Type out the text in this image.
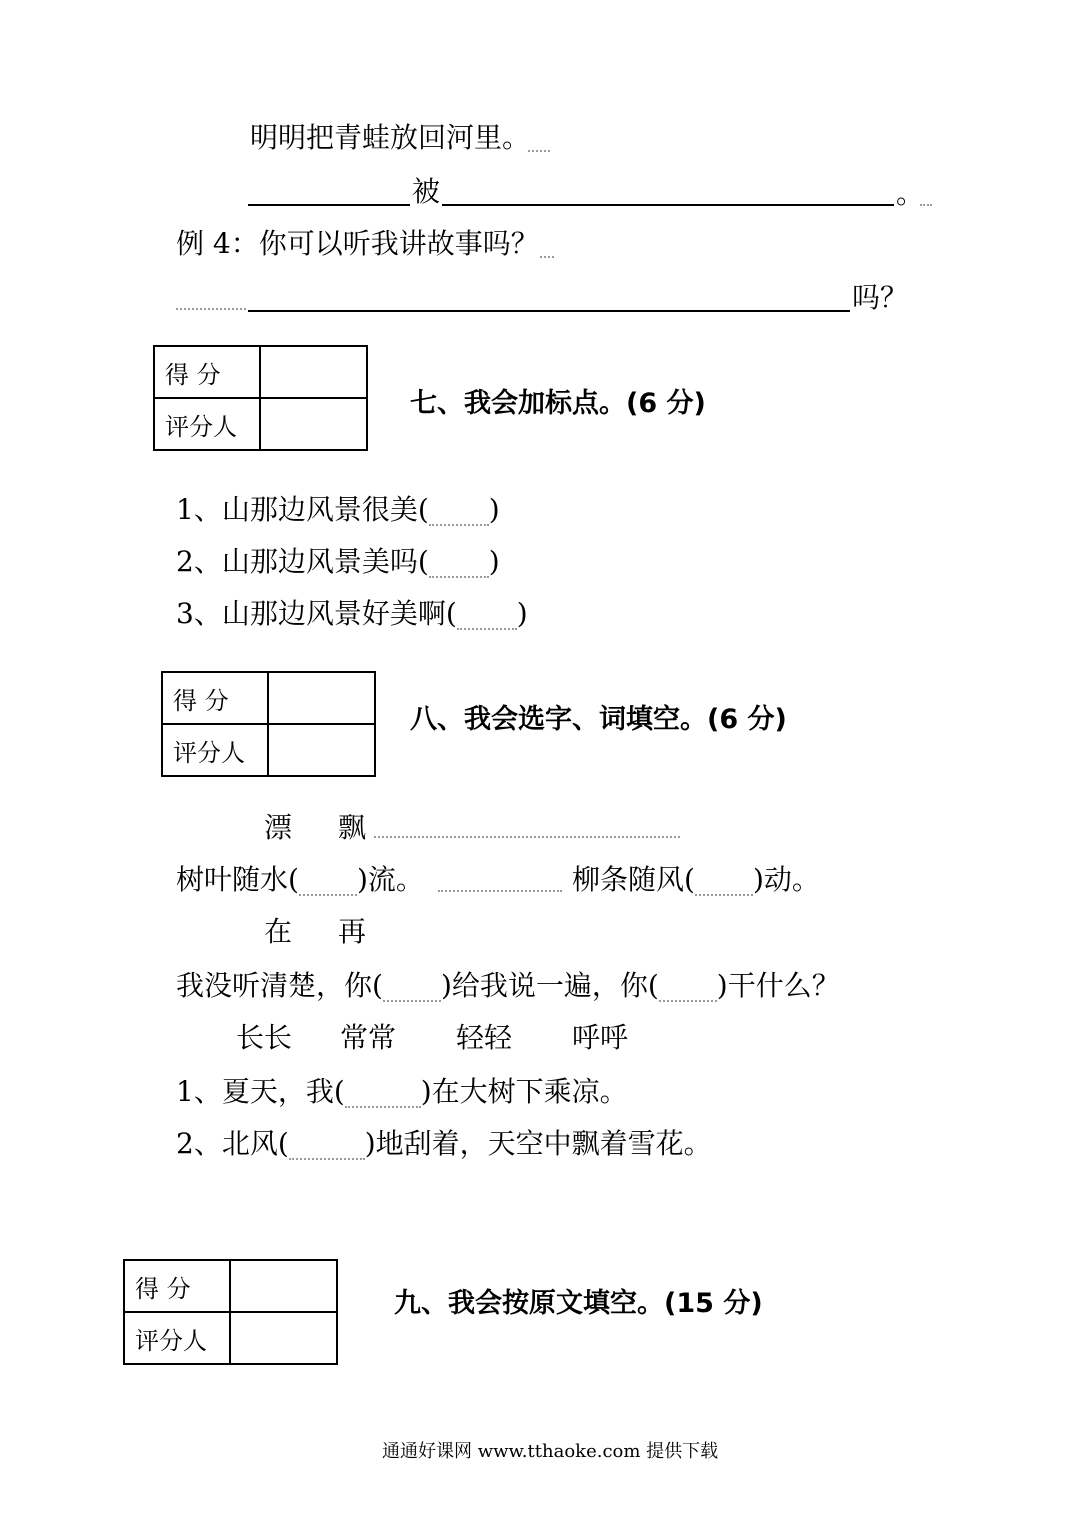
明明把青蛙放回河里。
被	。
例 4：你可以听我讲故事吗？
吗？
得 分	
评分人	
七、我会加标点。(6 分)
1、山那边风景很美( )
2、山那边风景美吗( )
3、山那边风景好美啊( )
得 分	
评分人	
八、我会选字、词填空。(6 分)
漂 飘
树叶随水( )流。	柳条随风( )动。
在 再
我没听清楚，你( )给我说一遍，你( )干什么？
长长 常常 轻轻 呼呼
1、夏天，我(	)在大树下乘凉。
2、北风(	)地刮着，天空中飘着雪花。
得 分	
评分人	
九、我会按原文填空。(15 分)
通通好课网 www.tthaoke.com 提供下载
